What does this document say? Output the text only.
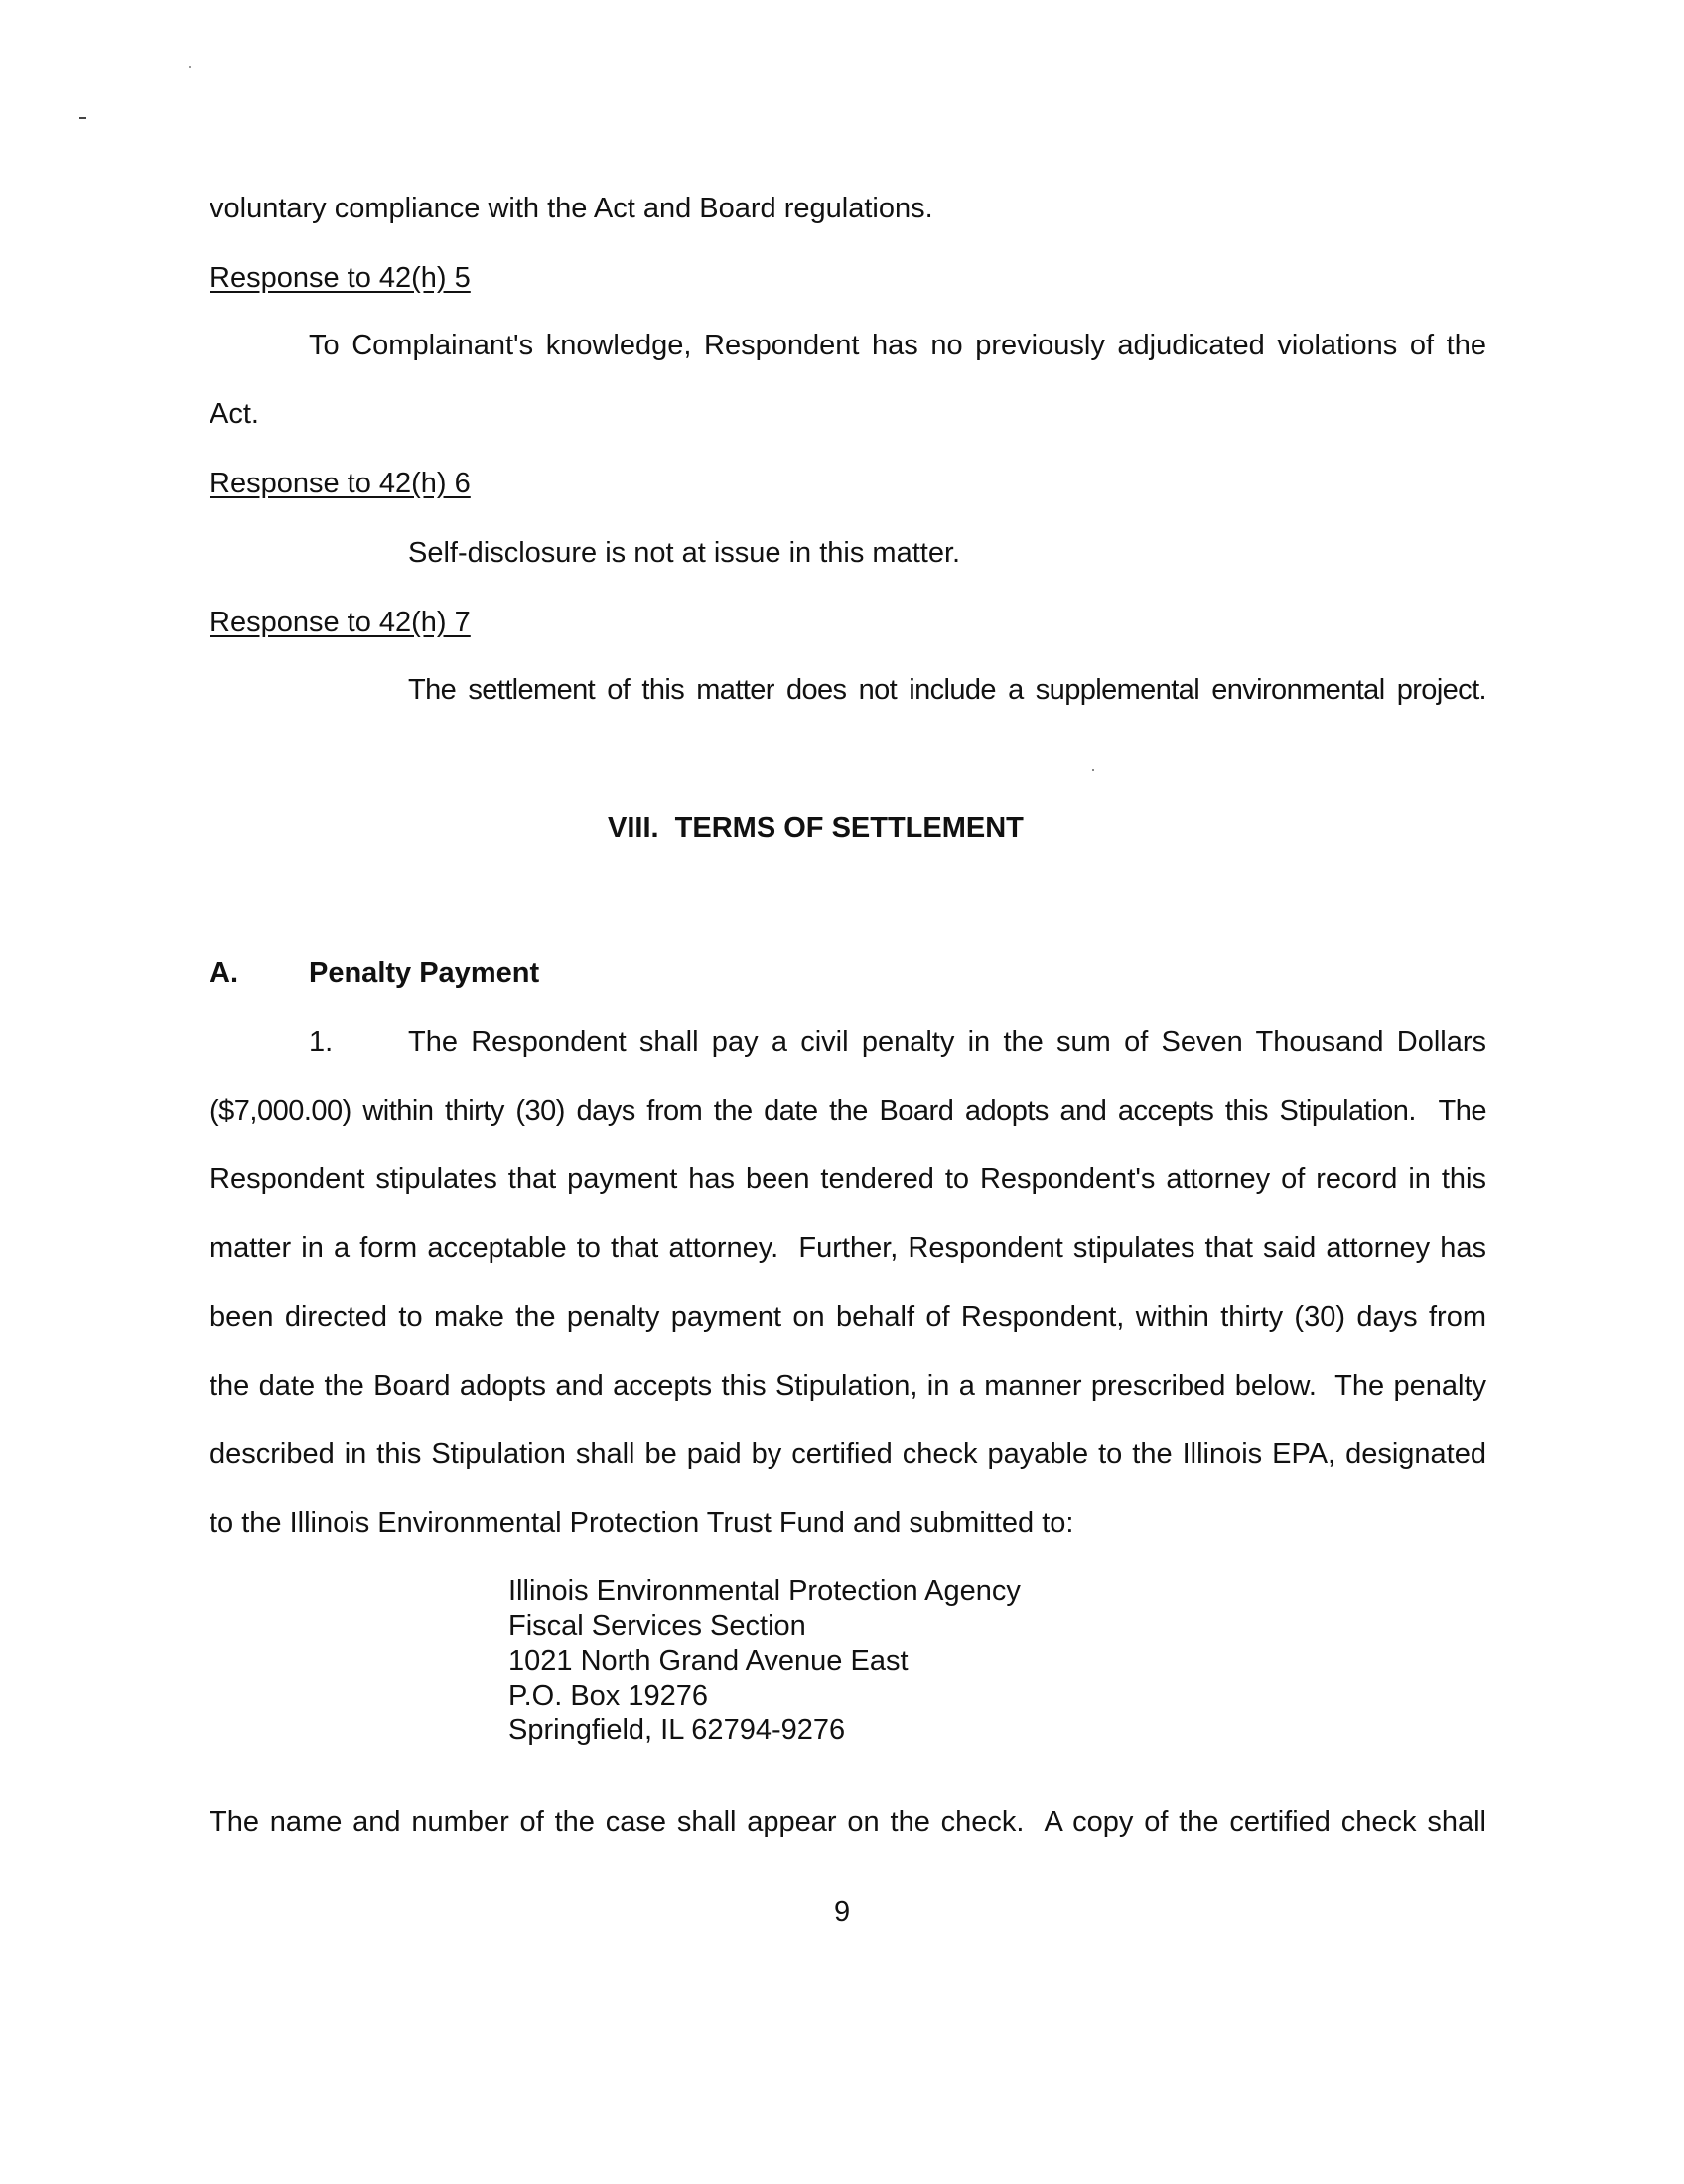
voluntary compliance with the Act and Board regulations.

Response to 42(h) 5

To Complainant's knowledge, Respondent has no previously adjudicated violations of the

Act.

Response to 42(h) 6

Self-disclosure is not at issue in this matter.

Response to 42(h) 7

The settlement of this matter does not include a supplemental environmental project.

VIII.  TERMS OF SETTLEMENT

A. Penalty Payment

1.	The Respondent shall pay a civil penalty in the sum of Seven Thousand Dollars

($7,000.00) within thirty (30) days from the date the Board adopts and accepts this Stipulation.  The

Respondent stipulates that payment has been tendered to Respondent's attorney of record in this

matter in a form acceptable to that attorney.  Further, Respondent stipulates that said attorney has

been directed to make the penalty payment on behalf of Respondent, within thirty (30) days from

the date the Board adopts and accepts this Stipulation, in a manner prescribed below.  The penalty

described in this Stipulation shall be paid by certified check payable to the Illinois EPA, designated

to the Illinois Environmental Protection Trust Fund and submitted to:

Illinois Environmental Protection Agency
Fiscal Services Section
1021 North Grand Avenue East
P.O. Box 19276
Springfield, IL 62794-9276

The name and number of the case shall appear on the check.  A copy of the certified check shall

9
